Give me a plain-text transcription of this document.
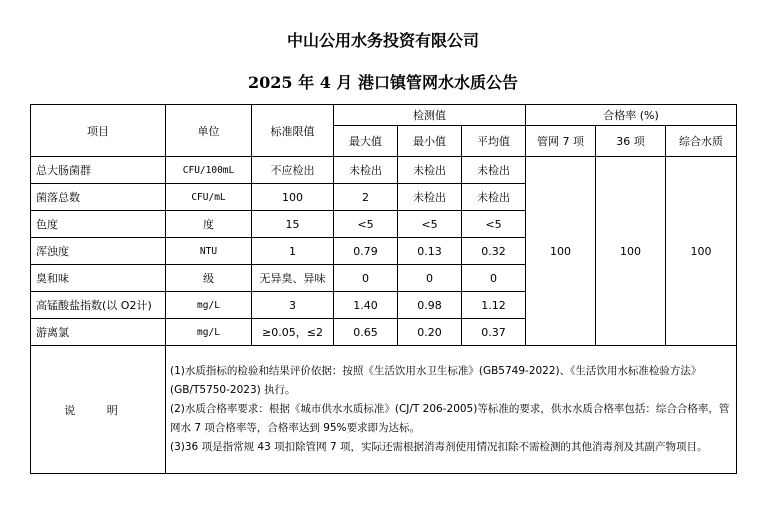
中山公用水务投资有限公司
2025 年 4 月 港口镇管网水水质公告
项目	单位	标准限值	检测值			合格率 (%)		
			最大值	最小值	平均值	管网 7 项	36 项	综合水质
总大肠菌群	CFU/100mL	不应检出	未检出	未检出	未检出	100	100	100
菌落总数	CFU/mL	100	2	未检出	未检出			
色度	度	15	<5	<5	<5			
浑浊度	NTU	1	0.79	0.13	0.32			
臭和味	级	无异臭、异味	0	0	0			
高锰酸盐指数(以 O2计)	mg/L	3	1.40	0.98	1.12			
游离氯	mg/L	≥0.05，≤2	0.65	0.20	0.37			
说 明	(1)水质指标的检验和结果评价依据：按照《生活饮用水卫生标准》(GB5749-2022)、《生活饮用水标准检验方法》 (GB/T5750-2023) 执行。
(2)水质合格率要求：根据《城市供水水质标准》(CJ/T 206-2005)等标准的要求，供水水质合格率包括：综合合格率，管网水 7 项合格率等，合格率达到 95%要求即为达标。
(3)36 项是指常规 43 项扣除管网 7 项，实际还需根据消毒剂使用情况扣除不需检测的其他消毒剂及其副产物项目。							
